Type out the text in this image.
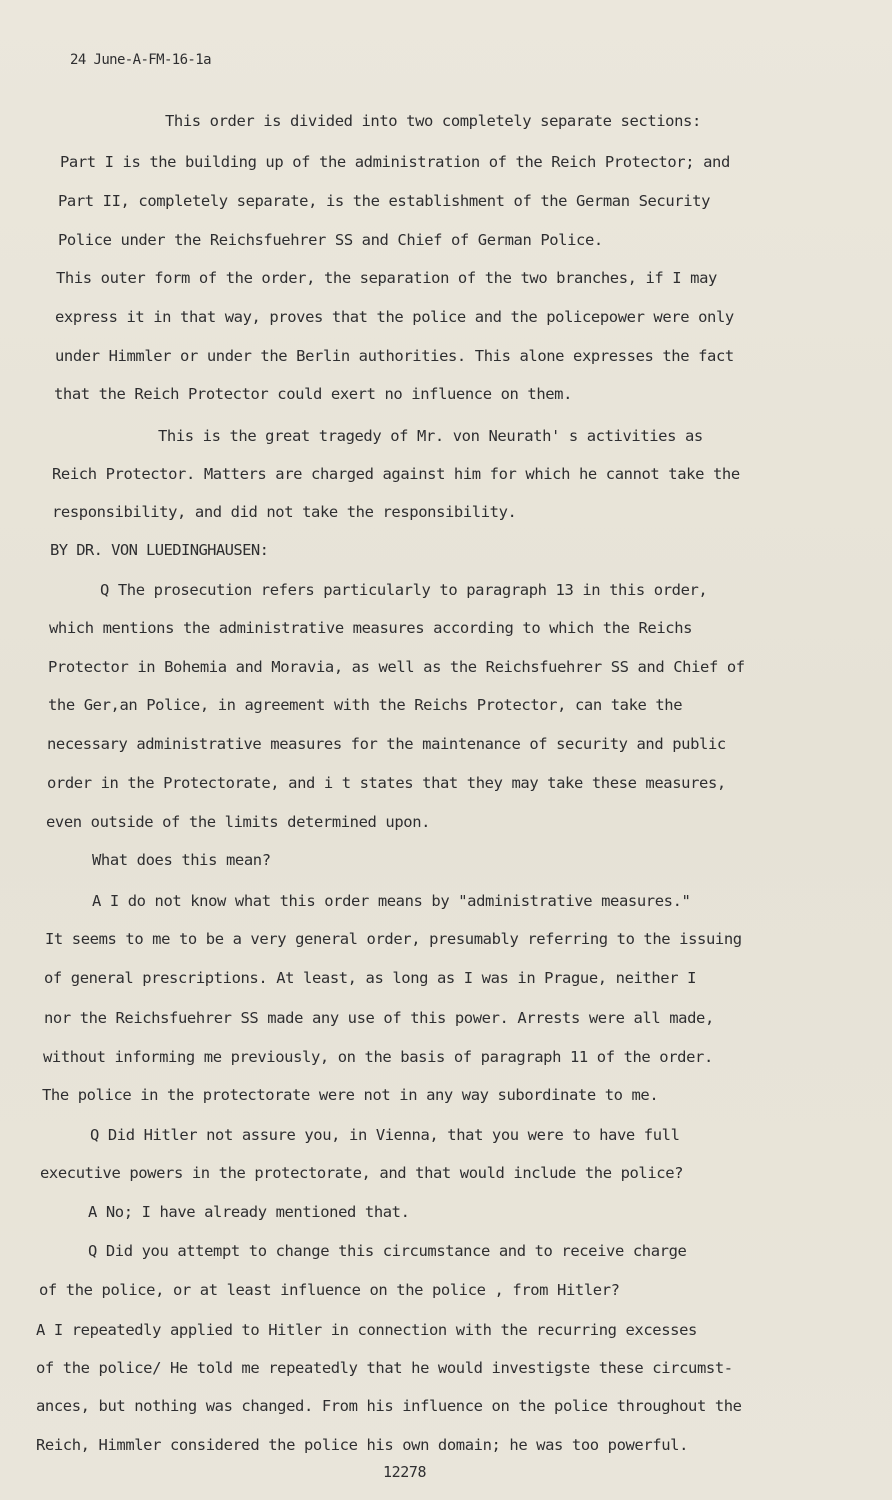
24 June-A-FM-16-1a
This order is divided into two completely separate sections:
Part I is the building up of the administration of the Reich Protector; and
Part II, completely separate, is the establishment of the German Security
Police under the Reichsfuehrer SS and Chief of German Police.
This outer form of the order, the separation of the two branches, if I may
express it in that way, proves that the police and the policepower were only
under Himmler or under the Berlin authorities. This alone expresses the fact
that the Reich Protector could exert no influence on them.
This is the great tragedy of Mr. von Neurath' s activities as
Reich Protector. Matters are charged against him for which he cannot take the
responsibility, and did not take the responsibility.
BY DR. VON LUEDINGHAUSEN:
Q The prosecution refers particularly to paragraph 13 in this order,
which mentions the administrative measures according to which the Reichs
Protector in Bohemia and Moravia, as well as the Reichsfuehrer SS and Chief of
the Ger,an Police, in agreement with the Reichs Protector, can take the
necessary administrative measures for the maintenance of security and public
order in the Protectorate, and i t states that they may take these measures,
even outside of the limits determined upon.
What does this mean?
A I do not know what this order means by "administrative measures."
It seems to me to be a very general order, presumably referring to the issuing
of general prescriptions. At least, as long as I was in Prague, neither I
nor the Reichsfuehrer SS made any use of this power. Arrests were all made,
without informing me previously, on the basis of paragraph 11 of the order.
The police in the protectorate were not in any way subordinate to me.
Q Did Hitler not assure you, in Vienna, that you were to have full
executive powers in the protectorate, and that would include the police?
A No; I have already mentioned that.
Q Did you attempt to change this circumstance and to receive charge
of the police, or at least influence on the police , from Hitler?
A I repeatedly applied to Hitler in connection with the recurring excesses
of the police/ He told me repeatedly that he would investigste these circumst-
ances, but nothing was changed. From his influence on the police throughout the
Reich, Himmler considered the police his own domain; he was too powerful.
12278
